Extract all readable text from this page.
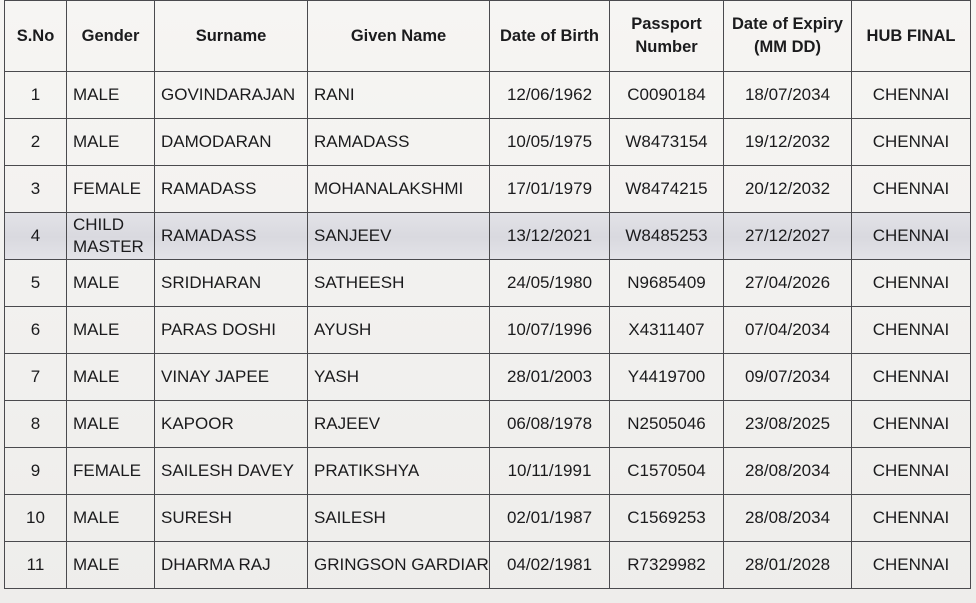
S.No	Gender	Surname	Given Name	Date of Birth	Passport Number	Date of Expiry (MM DD)	HUB FINAL
1	MALE	GOVINDARAJAN	RANI	12/06/1962	C0090184	18/07/2034	CHENNAI
2	MALE	DAMODARAN	RAMADASS	10/05/1975	W8473154	19/12/2032	CHENNAI
3	FEMALE	RAMADASS	MOHANALAKSHMI	17/01/1979	W8474215	20/12/2032	CHENNAI
4	CHILD MASTER	RAMADASS	SANJEEV	13/12/2021	W8485253	27/12/2027	CHENNAI
5	MALE	SRIDHARAN	SATHEESH	24/05/1980	N9685409	27/04/2026	CHENNAI
6	MALE	PARAS DOSHI	AYUSH	10/07/1996	X4311407	07/04/2034	CHENNAI
7	MALE	VINAY JAPEE	YASH	28/01/2003	Y4419700	09/07/2034	CHENNAI
8	MALE	KAPOOR	RAJEEV	06/08/1978	N2505046	23/08/2025	CHENNAI
9	FEMALE	SAILESH DAVEY	PRATIKSHYA	10/11/1991	C1570504	28/08/2034	CHENNAI
10	MALE	SURESH	SAILESH	02/01/1987	C1569253	28/08/2034	CHENNAI
11	MALE	DHARMA RAJ	GRINGSON GARDIAR	04/02/1981	R7329982	28/01/2028	CHENNAI
